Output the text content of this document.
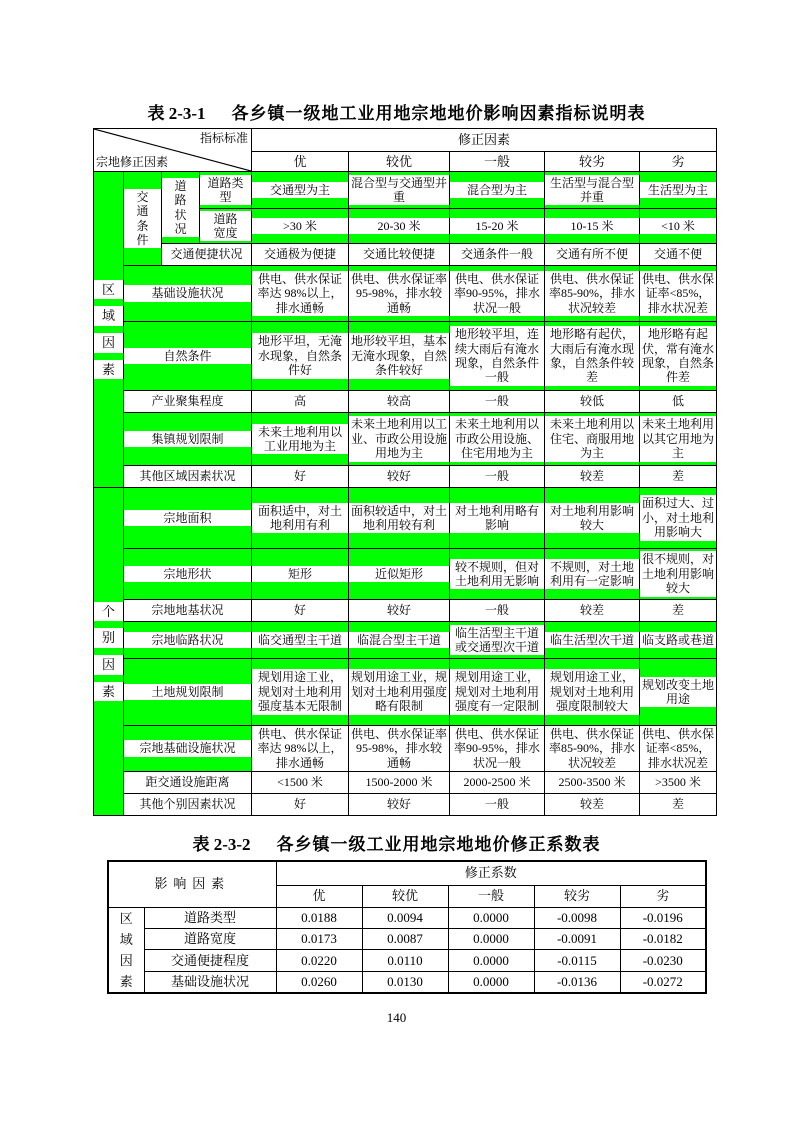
表 2-3-1 各乡镇一级地工业用地宗地地价影响因素指标说明表
指标标准
宗地修正因素				修正因素				
				优	较优	一般	较劣	劣

区
域
因
素	交通条件	道路状况	道路类型	交通型为主	混合型与交通型并重	混合型为主	生活型与混合型并重	生活型为主

			道路宽度	>30 米	20-30 米	15-20 米	10-15 米	<10 米

		交通便捷状况		交通极为便捷	交通比较便捷	交通条件一般	交通有所不便	交通不便

	基础设施状况			供电、供水保证率达 98%以上，排水通畅	供电、供水保证率95-98%，排水较通畅	供电、供水保证率90-95%，排水状况一般	供电、供水保证率85-90%，排水状况较差	供电、供水保证率<85%，排水状况差

	自然条件			地形平坦，无淹水现象，自然条件好	地形较平坦，基本无淹水现象，自然条件较好	地形较平坦，连续大雨后有淹水现象，自然条件一般	地形略有起伏，大雨后有淹水现象，自然条件较差	地形略有起伏，常有淹水现象，自然条件差

	产业聚集程度			高	较高	一般	较低	低

	集镇规划限制			未来土地利用以工业用地为主	未来土地利用以工业、市政公用设施用地为主	未来土地利用以市政公用设施、住宅用地为主	未来土地利用以住宅、商服用地为主	未来土地利用以其它用地为主

	其他区域因素状况			好	较好	一般	较差	差

个
别
因
素	宗地面积			面积适中，对土地利用有利	面积较适中，对土地利用较有利	对土地利用略有影响	对土地利用影响较大	面积过大、过小，对土地利用影响大

	宗地形状			矩形	近似矩形	较不规则，但对土地利用无影响	不规则，对土地利用有一定影响	很不规则，对土地利用影响较大

	宗地地基状况			好	较好	一般	较差	差

	宗地临路状况			临交通型主干道	临混合型主干道	临生活型主干道或交通型次干道	临生活型次干道	临支路或巷道

	土地规划限制			规划用途工业，规划对土地利用强度基本无限制	规划用途工业，规划对土地利用强度略有限制	规划用途工业，规划对土地利用强度有一定限制	规划用途工业，规划对土地利用强度限制较大	规划改变土地用途

	宗地基础设施状况			供电、供水保证率达 98%以上，排水通畅	供电、供水保证率95-98%，排水较通畅	供电、供水保证率90-95%，排水状况一般	供电、供水保证率85-90%，排水状况较差	供电、供水保证率<85%，排水状况差

	距交通设施距离			<1500 米	1500-2000 米	2000-2500 米	2500-3500 米	>3500 米
	其他个别因素状况			好	较好	一般	较差	差
表 2-3-2 各乡镇一级工业用地宗地地价修正系数表
影响因素		修正系数				
		优	较优	一般	较劣	劣

区
域
因
素	道路类型	0.0188	0.0094	0.0000	-0.0098	-0.0196
	道路宽度	0.0173	0.0087	0.0000	-0.0091	-0.0182
	交通便捷程度	0.0220	0.0110	0.0000	-0.0115	-0.0230
	基础设施状况	0.0260	0.0130	0.0000	-0.0136	-0.0272
140
